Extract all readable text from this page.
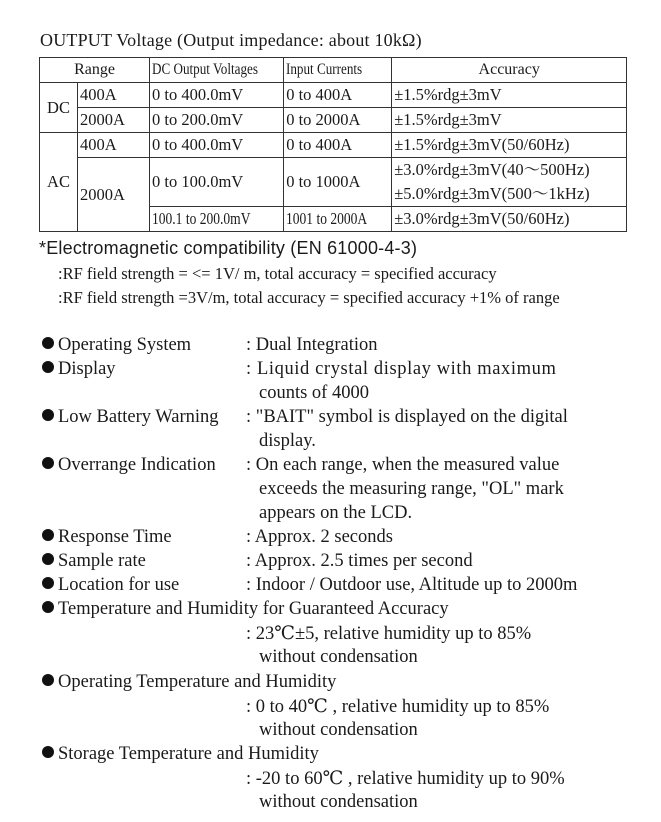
OUTPUT Voltage (Output impedance: about 10kΩ)
Range		DC Output Voltages	Input Currents	Accuracy
DC	400A	0 to 400.0mV	0 to 400A	±1.5%rdg±3mV
	2000A	0 to 200.0mV	0 to 2000A	±1.5%rdg±3mV
AC	400A	0 to 400.0mV	0 to 400A	±1.5%rdg±3mV(50/60Hz)
	2000A	0 to 100.0mV	0 to 1000A	±3.0%rdg±3mV(40～500Hz)
				±5.0%rdg±3mV(500～1kHz)
		100.1 to 200.0mV	1001 to 2000A	±3.0%rdg±3mV(50/60Hz)
*Electromagnetic compatibility (EN 61000-4-3)
:RF field strength = <= 1V/ m, total accuracy = specified accuracy
:RF field strength =3V/m, total accuracy = specified accuracy +1% of range
Operating System	: Dual Integration
Display	: Liquid crystal display with maximum
counts of 4000
Low Battery Warning : "BAIT" symbol is displayed on the digital
display.
Overrange Indication : On each range, when the measured value
exceeds the measuring range, "OL" mark
appears on the LCD.
Response Time	: Approx. 2 seconds
Sample rate	: Approx. 2.5 times per second
Location for use	: Indoor / Outdoor use, Altitude up to 2000m
Temperature and Humidity for Guaranteed Accuracy
: 23℃±5, relative humidity up to 85%
without condensation
Operating Temperature and Humidity
: 0 to 40℃ , relative humidity up to 85%
without condensation
Storage Temperature and Humidity
: -20 to 60℃ , relative humidity up to 90%
without condensation
